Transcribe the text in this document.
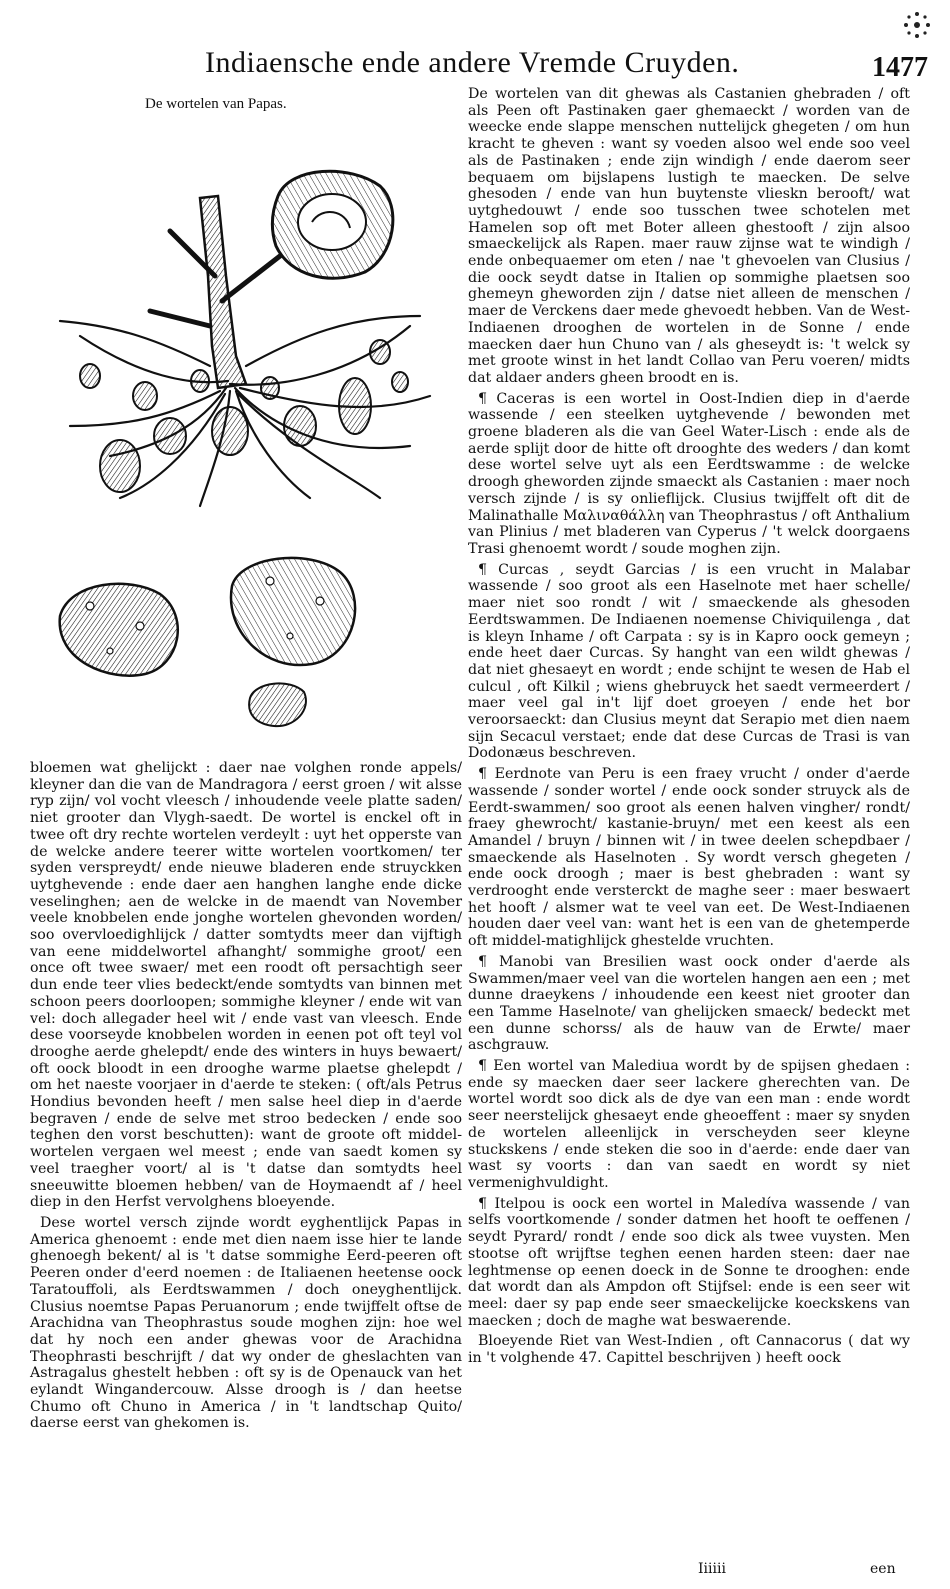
Indiaensche ende andere Vremde Cruyden.	1477
De wortelen van Papas.

De wortelen van dit ghewas als Castanien ghebraden / oft als Peen oft Pastinaken gaer ghemaeckt / worden van de weecke ende slappe menschen nuttelijck ghegeten / om hun kracht te gheven : want sy voeden alsoo wel ende soo veel als de Pastinaken ; ende zijn windigh / ende daerom seer bequaem om bijslapens lustigh te maecken. De selve ghesoden / ende van hun buytenste vlieskn berooft/ wat uytghedouwt / ende soo tusschen twee schotelen met Hamelen sop oft met Boter alleen ghestooft / zijn alsoo smaeckelijck als Rapen. maer rauw zijnse wat te windigh / ende onbequaemer om eten / nae 't ghevoelen van Clusius / die oock seydt datse in Italien op sommighe plaetsen soo ghemeyn gheworden zijn / datse niet alleen de menschen / maer de Verckens daer mede ghevoedt hebben. Van de West-Indiaenen drooghen de wortelen in de Sonne / ende maecken daer hun Chuno van / als gheseydt is: 't welck sy met groote winst in het landt Collao van Peru voeren/ midts dat aldaer anders gheen broodt en is.

¶ Caceras is een wortel in Oost-Indien diep in d'aerde wassende / een steelken uytghevende / bewonden met groene bladeren als die van Geel Water-Lisch : ende als de aerde splijt door de hitte oft drooghte des weders / dan komt dese wortel selve uyt als een Eerdtswamme : de welcke droogh gheworden zijnde smaeckt als Castanien : maer noch versch zijnde / is sy onlieflijck. Clusius twijffelt oft dit de Malinathalle Μαλιναθάλλη van Theophrastus / oft Anthalium van Plinius / met bladeren van Cyperus / 't welck doorgaens Trasi ghenoemt wordt / soude moghen zijn.

¶ Curcas , seydt Garcias / is een vrucht in Malabar wassende / soo groot als een Haselnote met haer schelle/ maer niet soo rondt / wit / smaeckende als ghesoden Eerdtswammen. De Indiaenen noemense Chiviquilenga , dat is kleyn Inhame / oft Carpata : sy is in Kapro oock gemeyn ; ende heet daer Curcas. Sy hanght van een wildt ghewas / dat niet ghesaeyt en wordt ; ende schijnt te wesen de Hab el culcul , oft Kilkil ; wiens ghebruyck het saedt vermeerdert / maer veel gal in't lijf doet groeyen / ende het bor veroorsaeckt: dan Clusius meynt dat Serapio met dien naem sijn Secacul verstaet; ende dat dese Curcas de Trasi is van Dodonæus beschreven.

¶ Eerdnote van Peru is een fraey vrucht / onder d'aerde wassende / sonder wortel / ende oock sonder struyck als de Eerdt-swammen/ soo groot als eenen halven vingher/ rondt/ fraey ghewrocht/ kastanie-bruyn/ met een keest als een Amandel / bruyn / binnen wit / in twee deelen schepdbaer / smaeckende als Haselnoten . Sy wordt versch ghegeten / ende oock droogh ; maer is best ghebraden : want sy verdrooght ende versterckt de maghe seer : maer beswaert het hooft / alsmer wat te veel van eet. De West-Indiaenen houden daer veel van: want het is een van de ghetemperde oft middel-matighlijck ghestelde vruchten.

¶ Manobi van Bresilien wast oock onder d'aerde als Swammen/maer veel van die wortelen hangen aen een ; met dunne draeykens / inhoudende een keest niet grooter dan een Tamme Haselnote/ van ghelijcken smaeck/ bedeckt met een dunne schorss/ als de hauw van de Erwte/ maer aschgrauw.

¶ Een wortel van Malediua wordt by de spijsen ghedaen : ende sy maecken daer seer lackere gherechten van. De wortel wordt soo dick als de dye van een man : ende wordt seer neerstelijck ghesaeyt ende gheoeffent : maer sy snyden de wortelen alleenlijck in verscheyden seer kleyne stuckskens / ende steken die soo in d'aerde: ende daer van wast sy voorts : dan van saedt en wordt sy niet vermenighvuldight.

¶ Itelpou is oock een wortel in Maledíva wassende / van selfs voortkomende / sonder datmen het hooft te oeffenen / seydt Pyrard/ rondt / ende soo dick als twee vuysten. Men stootse oft wrijftse teghen eenen harden steen: daer nae leghtmense op eenen doeck in de Sonne te drooghen: ende dat wordt dan als Ampdon oft Stijfsel: ende is een seer wit meel: daer sy pap ende seer smaeckelijcke koeckskens van maecken ; doch de maghe wat beswaerende.

Bloeyende Riet van West-Indien , oft Cannacorus ( dat wy in 't volghende 47. Capittel beschrijven ) heeft oock

bloemen wat ghelijckt : daer nae volghen ronde appels/ kleyner dan die van de Mandragora / eerst groen / wit alsse ryp zijn/ vol vocht vleesch / inhoudende veele platte saden/ niet grooter dan Vlygh-saedt. De wortel is enckel oft in twee oft dry rechte wortelen verdeylt : uyt het opperste van de welcke andere teerer witte wortelen voortkomen/ ter syden verspreydt/ ende nieuwe bladeren ende struyckken uytghevende : ende daer aen hanghen langhe ende dicke veselinghen; aen de welcke in de maendt van November veele knobbelen ende jonghe wortelen ghevonden worden/ soo overvloedighlijck / datter somtydts meer dan vijftigh van eene middelwortel afhanght/ sommighe groot/ een once oft twee swaer/ met een roodt oft persachtigh seer dun ende teer vlies bedeckt/ende somtydts van binnen met schoon peers doorloopen; sommighe kleyner / ende wit van vel: doch allegader heel wit / ende vast van vleesch. Ende dese voorseyde knobbelen worden in eenen pot oft teyl vol drooghe aerde ghelepdt/ ende des winters in huys bewaert/ oft oock bloodt in een drooghe warme plaetse ghelepdt / om het naeste voorjaer in d'aerde te steken: ( oft/als Petrus Hondius bevonden heeft / men salse heel diep in d'aerde begraven / ende de selve met stroo bedecken / ende soo teghen den vorst beschutten): want de groote oft middel-wortelen vergaen wel meest ; ende van saedt komen sy veel traegher voort/ al is 't datse dan somtydts heel sneeuwitte bloemen hebben/ van de Hoymaendt af / heel diep in den Herfst vervolghens bloeyende.

Dese wortel versch zijnde wordt eyghentlijck Papas in America ghenoemt : ende met dien naem isse hier te lande ghenoegh bekent/ al is 't datse sommighe Eerd-peeren oft Peeren onder d'eerd noemen : de Italiaenen heetense oock Taratouffoli, als Eerdtswammen / doch oneyghentlijck. Clusius noemtse Papas Peruanorum ; ende twijffelt oftse de Arachidna van Theophrastus soude moghen zijn: hoe wel dat hy noch een ander ghewas voor de Arachidna Theophrasti beschrijft / dat wy onder de gheslachten van Astragalus ghestelt hebben : oft sy is de Openauck van het eylandt Wingandercouw. Alsse droogh is / dan heetse Chumo oft Chuno in America / in 't landtschap Quito/ daerse eerst van ghekomen is.

Iiiiii	een
